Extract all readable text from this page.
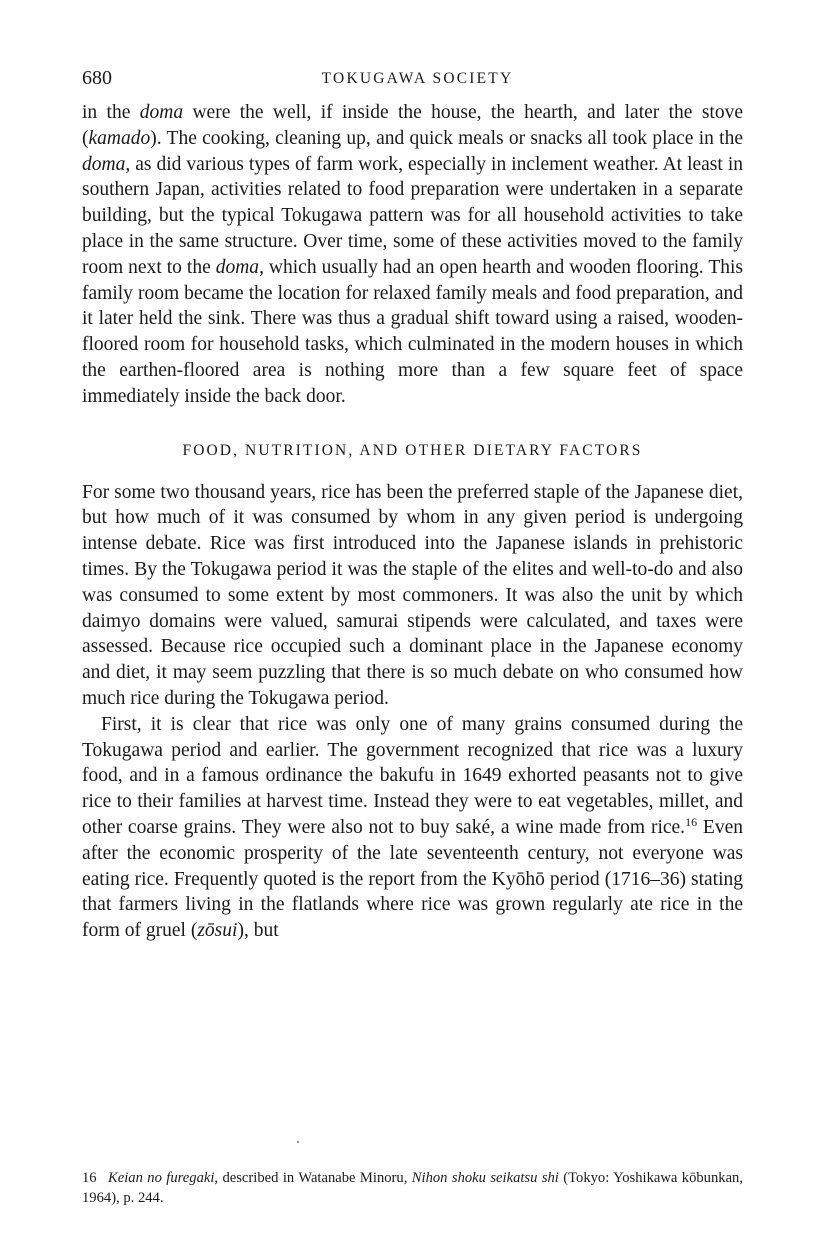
680	TOKUGAWA SOCIETY

in the doma were the well, if inside the house, the hearth, and later the stove (kamado). The cooking, cleaning up, and quick meals or snacks all took place in the doma, as did various types of farm work, especially in inclement weather. At least in southern Japan, activities related to food preparation were undertaken in a separate building, but the typical Tokugawa pattern was for all household activities to take place in the same structure. Over time, some of these activities moved to the family room next to the doma, which usually had an open hearth and wooden flooring. This family room became the location for relaxed family meals and food preparation, and it later held the sink. There was thus a gradual shift toward using a raised, wooden-floored room for household tasks, which culminated in the modern houses in which the earthen-floored area is nothing more than a few square feet of space immediately inside the back door.

FOOD, NUTRITION, AND OTHER DIETARY FACTORS

For some two thousand years, rice has been the preferred staple of the Japanese diet, but how much of it was consumed by whom in any given period is undergoing intense debate. Rice was first introduced into the Japanese islands in prehistoric times. By the Tokugawa period it was the staple of the elites and well-to-do and also was consumed to some extent by most commoners. It was also the unit by which daimyo domains were valued, samurai stipends were calculated, and taxes were assessed. Because rice occupied such a dominant place in the Japanese economy and diet, it may seem puzzling that there is so much debate on who consumed how much rice during the Tokugawa period.

First, it is clear that rice was only one of many grains consumed during the Tokugawa period and earlier. The government recognized that rice was a luxury food, and in a famous ordinance the bakufu in 1649 exhorted peasants not to give rice to their families at harvest time. Instead they were to eat vegetables, millet, and other coarse grains. They were also not to buy saké, a wine made from rice.$^{16}$ Even after the economic prosperity of the late seventeenth century, not everyone was eating rice. Frequently quoted is the report from the Kyōhō period (1716–36) stating that farmers living in the flatlands where rice was grown regularly ate rice in the form of gruel (zōsui), but

16 Keian no furegaki, described in Watanabe Minoru, Nihon shoku seikatsu shi (Tokyo: Yoshikawa kōbunkan, 1964), p. 244.
